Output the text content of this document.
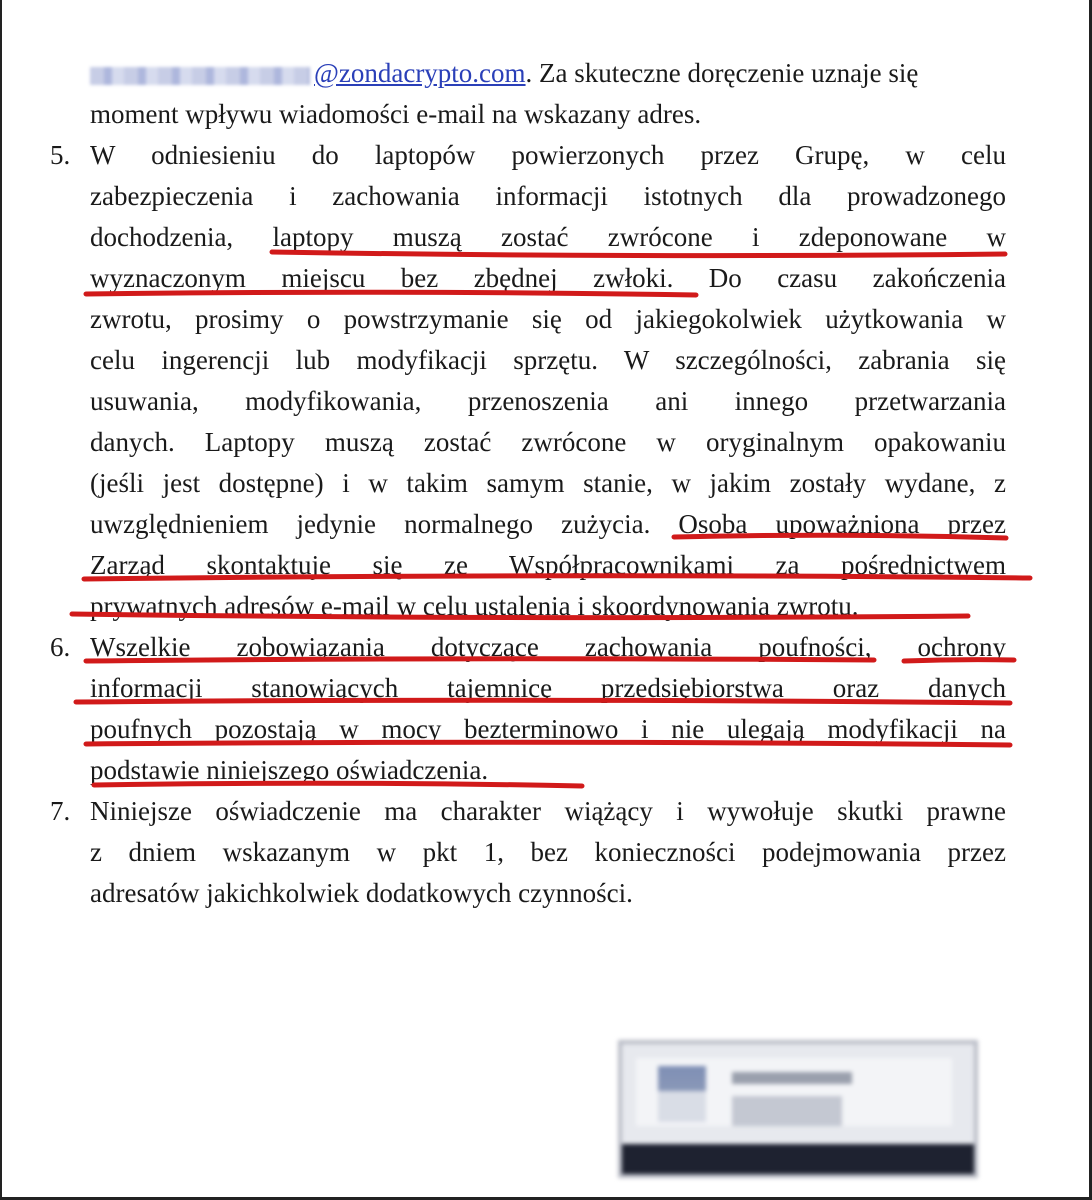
@zondacrypto.com. Za skuteczne doręczenie uznaje się
moment wpływu wiadomości e-mail na wskazany adres.
5. W odniesieniu do laptopów powierzonych przez Grupę, w celu
zabezpieczenia i zachowania informacji istotnych dla prowadzonego
dochodzenia, laptopy muszą zostać zwrócone i zdeponowane w
wyznaczonym miejscu bez zbędnej zwłoki. Do czasu zakończenia
zwrotu, prosimy o powstrzymanie się od jakiegokolwiek użytkowania w
celu ingerencji lub modyfikacji sprzętu. W szczególności, zabrania się
usuwania, modyfikowania, przenoszenia ani innego przetwarzania
danych. Laptopy muszą zostać zwrócone w oryginalnym opakowaniu
(jeśli jest dostępne) i w takim samym stanie, w jakim zostały wydane, z
uwzględnieniem jedynie normalnego zużycia. Osoba upoważniona przez
Zarząd skontaktuje się ze Współpracownikami za pośrednictwem
prywatnych adresów e-mail w celu ustalenia i skoordynowania zwrotu.
6. Wszelkie zobowiązania dotyczące zachowania poufności, ochrony
informacji stanowiących tajemnicę przedsiębiorstwa oraz danych
poufnych pozostają w mocy bezterminowo i nie ulegają modyfikacji na
podstawie niniejszego oświadczenia.
7. Niniejsze oświadczenie ma charakter wiążący i wywołuje skutki prawne
z dniem wskazanym w pkt 1, bez konieczności podejmowania przez
adresatów jakichkolwiek dodatkowych czynności.
